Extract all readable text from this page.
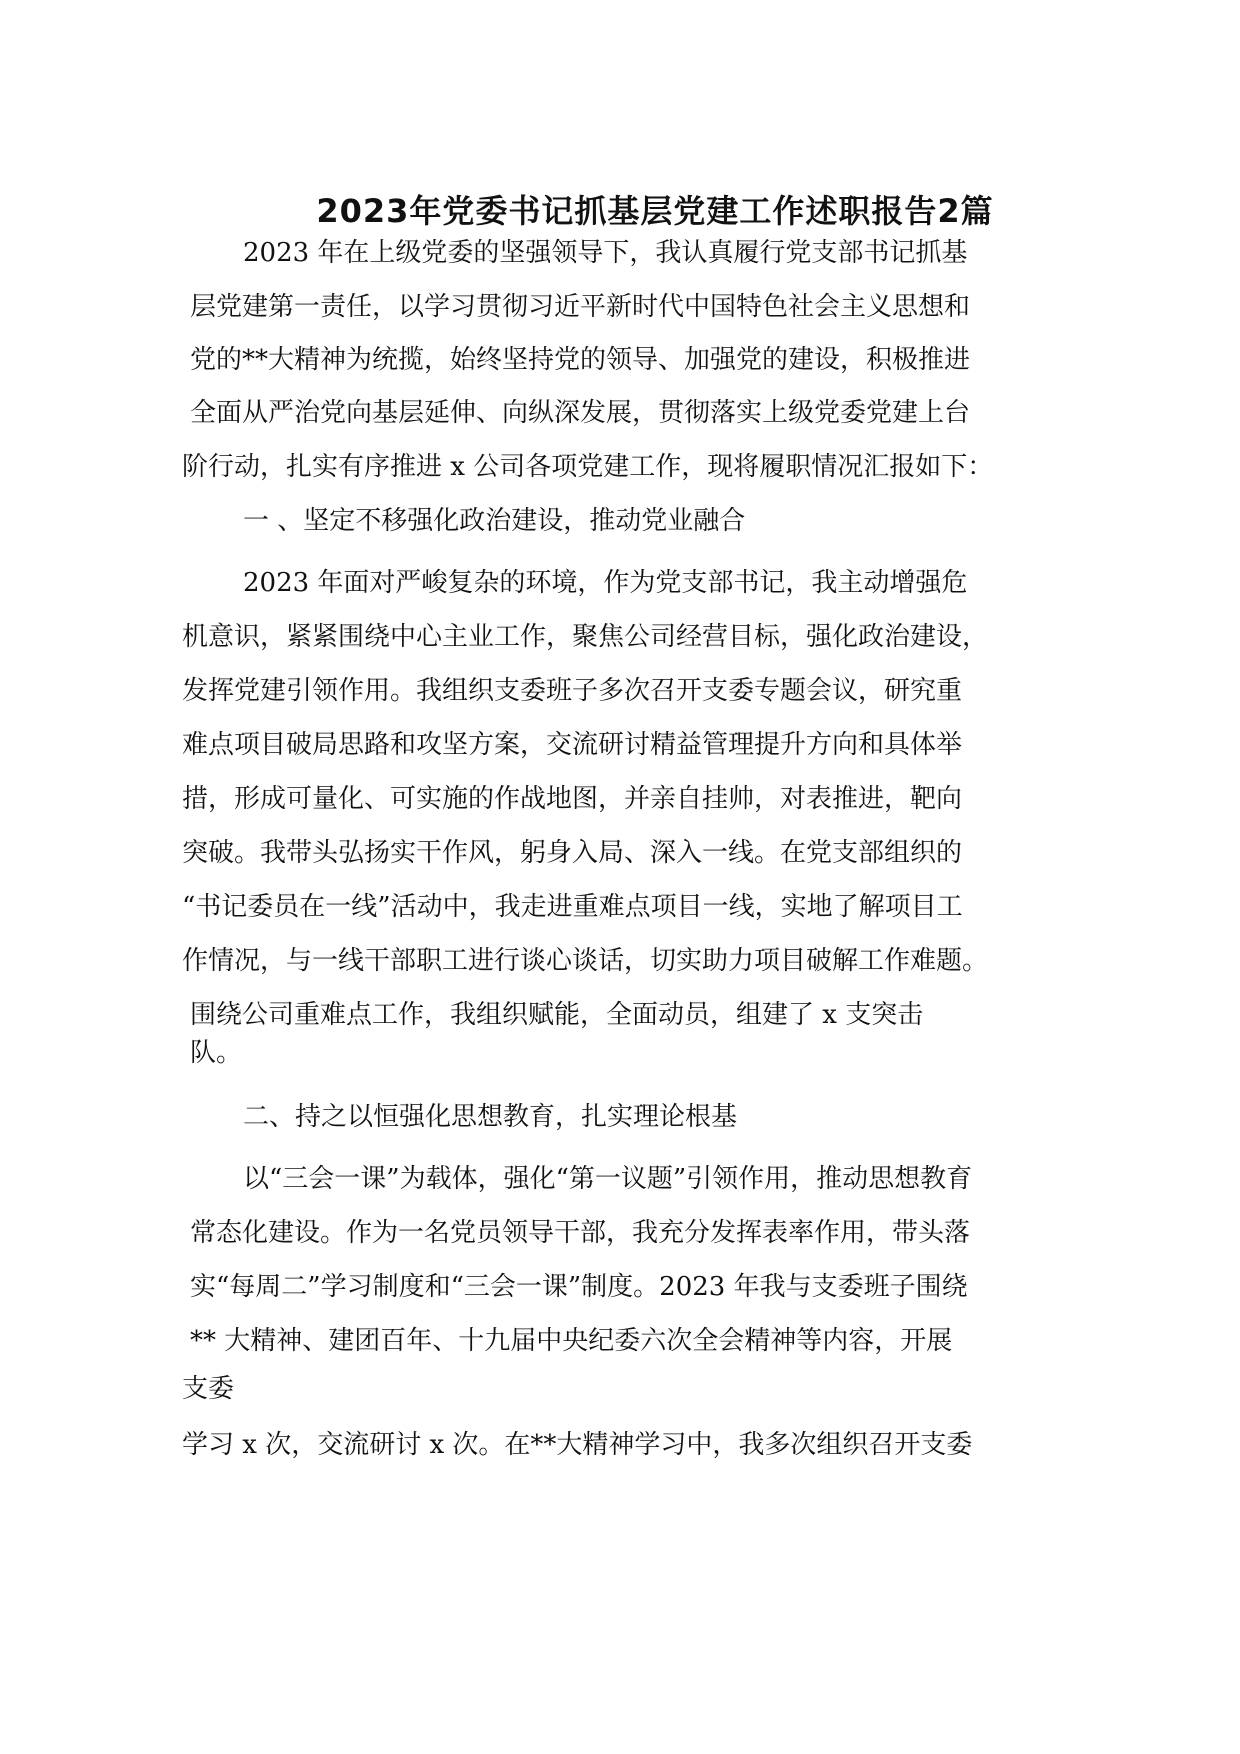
2023年党委书记抓基层党建工作述职报告2篇
2023 年在上级党委的坚强领导下，我认真履行党支部书记抓基
层党建第一责任，以学习贯彻习近平新时代中国特色社会主义思想和
党的**大精神为统揽，始终坚持党的领导、加强党的建设，积极推进
全面从严治党向基层延伸、向纵深发展，贯彻落实上级党委党建上台
阶行动，扎实有序推进 x 公司各项党建工作，现将履职情况汇报如下：
一 、坚定不移强化政治建设，推动党业融合
2023 年面对严峻复杂的环境，作为党支部书记，我主动增强危
机意识，紧紧围绕中心主业工作，聚焦公司经营目标，强化政治建设，
发挥党建引领作用。我组织支委班子多次召开支委专题会议，研究重
难点项目破局思路和攻坚方案，交流研讨精益管理提升方向和具体举
措，形成可量化、可实施的作战地图，并亲自挂帅，对表推进，靶向
突破。我带头弘扬实干作风，躬身入局、深入一线。在党支部组织的
“书记委员在一线”活动中，我走进重难点项目一线，实地了解项目工
作情况，与一线干部职工进行谈心谈话，切实助力项目破解工作难题。
围绕公司重难点工作，我组织赋能，全面动员，组建了 x 支突击
队。
二、持之以恒强化思想教育，扎实理论根基
以“三会一课”为载体，强化“第一议题”引领作用，推动思想教育
常态化建设。作为一名党员领导干部，我充分发挥表率作用，带头落
实“每周二”学习制度和“三会一课”制度。2023 年我与支委班子围绕
** 大精神、建团百年、十九届中央纪委六次全会精神等内容，开展
支委
学习 x 次，交流研讨 x 次。在**大精神学习中，我多次组织召开支委
